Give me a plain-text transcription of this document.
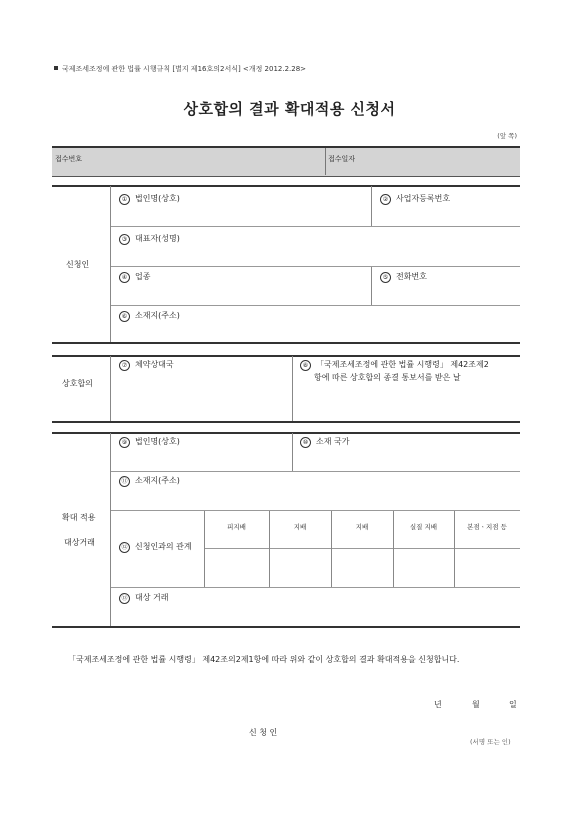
국제조세조정에 관한 법률 시행규칙 [별지 제16호의2서식] <개정 2012.2.28>
상호합의 결과 확대적용 신청서
(앞 쪽)
접수번호	접수일자
신청인
① 법인명(상호)	② 사업자등록번호
③ 대표자(성명)
④ 업종	⑤ 전화번호
⑥ 소재지(주소)
상호합의
⑦ 체약상대국	⑧ 「국제조세조정에 관한 법률 시행령」 제42조제2
항에 따른 상호합의 종결 통보서를 받은 날
확대 적용
대상거래
⑨ 법인명(상호)	⑩ 소재 국가
⑪ 소재지(주소)
⑫ 신청인과의 관계
피지배	지배	지배	실질 지배	본점ㆍ지점 등
⑬ 대상 거래
「국제조세조정에 관한 법률 시행령」 제42조의2제1항에 따라 위와 같이 상호합의 결과 확대적용을 신청합니다.
년	월	일
신 청 인
(서명 또는 인)
